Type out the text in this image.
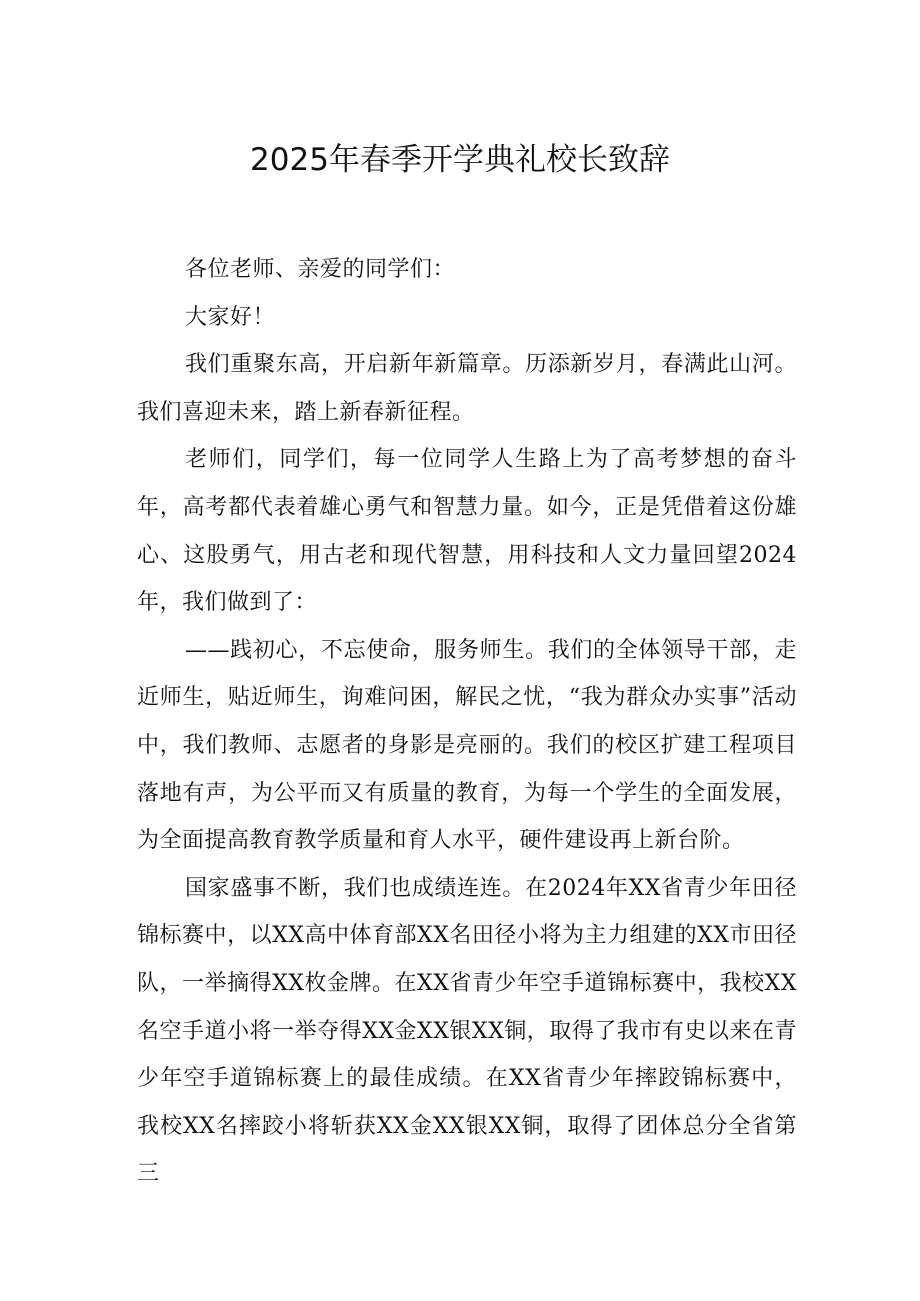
2025年春季开学典礼校长致辞

各位老师、亲爱的同学们：

大家好！

我们重聚东高，开启新年新篇章。历添新岁月，春满此山河。我们喜迎未来，踏上新春新征程。

老师们，同学们，每一位同学人生路上为了高考梦想的奋斗年，高考都代表着雄心勇气和智慧力量。如今，正是凭借着这份雄心、这股勇气，用古老和现代智慧，用科技和人文力量回望2024年，我们做到了：

——践初心，不忘使命，服务师生。我们的全体领导干部，走近师生，贴近师生，询难问困，解民之忧，“我为群众办实事”活动中，我们教师、志愿者的身影是亮丽的。我们的校区扩建工程项目落地有声，为公平而又有质量的教育，为每一个学生的全面发展，为全面提高教育教学质量和育人水平，硬件建设再上新台阶。

国家盛事不断，我们也成绩连连。在2024年XX省青少年田径锦标赛中，以XX高中体育部XX名田径小将为主力组建的XX市田径队，一举摘得XX枚金牌。在XX省青少年空手道锦标赛中，我校XX名空手道小将一举夺得XX金XX银XX铜，取得了我市有史以来在青少年空手道锦标赛上的最佳成绩。在XX省青少年摔跤锦标赛中，我校XX名摔跤小将斩获XX金XX银XX铜，取得了团体总分全省第三
